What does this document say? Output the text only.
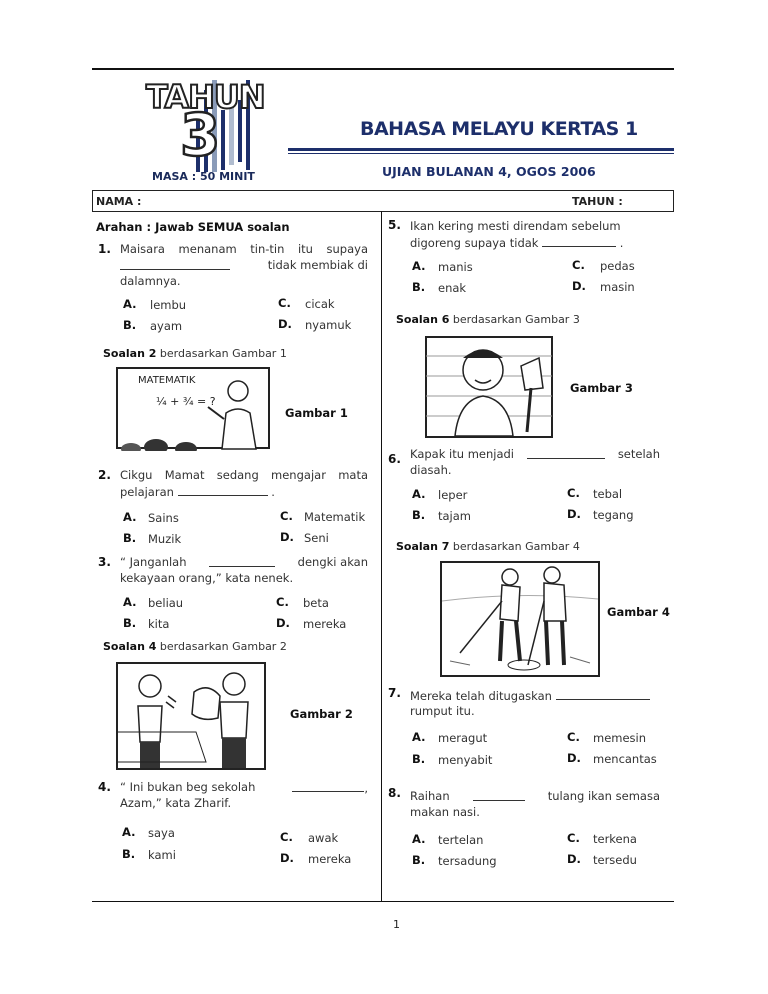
TAHUN
3
MASA : 50 MINIT
BAHASA MELAYU KERTAS 1
UJIAN BULANAN 4, OGOS 2006
NAMA :	TAHUN :
Arahan : Jawab SEMUA soalan
1. Maisara menanam tin-tin itu supaya
tidak membiak di
dalamnya.
A. lembu
B. ayam
C. cicak
D. nyamuk
Soalan 2 berdasarkan Gambar 1
MATEMATIK
¼ + ¾ = ?
Gambar 1
2. Cikgu Mamat sedang mengajar mata
pelajaran	.
A. Sains
B. Muzik
C. Matematik
D. Seni
3. “ Janganlah	dengki akan
kekayaan orang,” kata nenek.
A. beliau
B. kita
C. beta
D. mereka
Soalan 4 berdasarkan Gambar 2
Gambar 2
4. “ Ini bukan beg sekolah	,
Azam,” kata Zharif.
A. saya
B. kami
C. awak
D. mereka
5. Ikan kering mesti direndam sebelum
digoreng supaya tidak	.
A. manis
B. enak
C. pedas
D. masin
Soalan 6 berdasarkan Gambar 3
Gambar 3
6. Kapak itu menjadi	setelah
diasah.
A. leper
B. tajam
C. tebal
D. tegang
Soalan 7 berdasarkan Gambar 4
Gambar 4
7. Mereka telah ditugaskan
rumput itu.
A. meragut
B. menyabit
C. memesin
D. mencantas
8. Raihan	tulang ikan semasa
makan nasi.
A. tertelan
B. tersadung
C. terkena
D. tersedu
1
